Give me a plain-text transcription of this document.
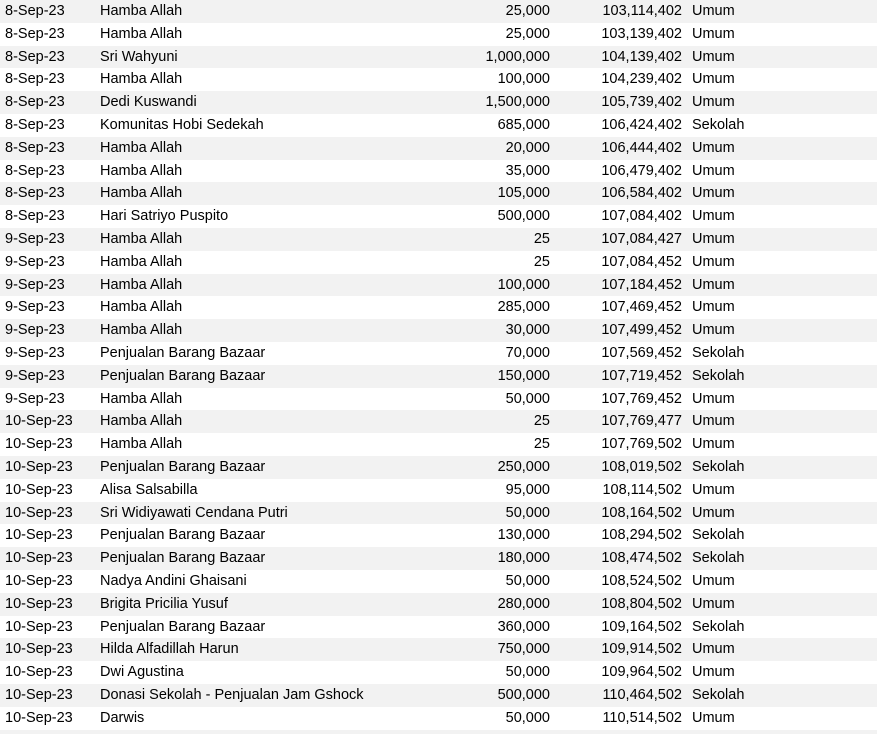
8-Sep-23	Hamba Allah	25,000	103,114,402 Umum
8-Sep-23	Hamba Allah	25,000	103,139,402 Umum
8-Sep-23	Sri Wahyuni	1,000,000	104,139,402 Umum
8-Sep-23	Hamba Allah	100,000	104,239,402 Umum
8-Sep-23	Dedi Kuswandi	1,500,000	105,739,402 Umum
8-Sep-23	Komunitas Hobi Sedekah	685,000	106,424,402 Sekolah
8-Sep-23	Hamba Allah	20,000	106,444,402 Umum
8-Sep-23	Hamba Allah	35,000	106,479,402 Umum
8-Sep-23	Hamba Allah	105,000	106,584,402 Umum
8-Sep-23	Hari Satriyo Puspito	500,000	107,084,402 Umum
9-Sep-23	Hamba Allah	25	107,084,427 Umum
9-Sep-23	Hamba Allah	25	107,084,452 Umum
9-Sep-23	Hamba Allah	100,000	107,184,452 Umum
9-Sep-23	Hamba Allah	285,000	107,469,452 Umum
9-Sep-23	Hamba Allah	30,000	107,499,452 Umum
9-Sep-23	Penjualan Barang Bazaar	70,000	107,569,452 Sekolah
9-Sep-23	Penjualan Barang Bazaar	150,000	107,719,452 Sekolah
9-Sep-23	Hamba Allah	50,000	107,769,452 Umum
10-Sep-23	Hamba Allah	25	107,769,477 Umum
10-Sep-23	Hamba Allah	25	107,769,502 Umum
10-Sep-23	Penjualan Barang Bazaar	250,000	108,019,502 Sekolah
10-Sep-23	Alisa Salsabilla	95,000	108,114,502 Umum
10-Sep-23	Sri Widiyawati Cendana Putri	50,000	108,164,502 Umum
10-Sep-23	Penjualan Barang Bazaar	130,000	108,294,502 Sekolah
10-Sep-23	Penjualan Barang Bazaar	180,000	108,474,502 Sekolah
10-Sep-23	Nadya Andini Ghaisani	50,000	108,524,502 Umum
10-Sep-23	Brigita Pricilia Yusuf	280,000	108,804,502 Umum
10-Sep-23	Penjualan Barang Bazaar	360,000	109,164,502 Sekolah
10-Sep-23	Hilda Alfadillah Harun	750,000	109,914,502 Umum
10-Sep-23	Dwi Agustina	50,000	109,964,502 Umum
10-Sep-23	Donasi Sekolah - Penjualan Jam Gshock	500,000	110,464,502 Sekolah
10-Sep-23	Darwis	50,000	110,514,502 Umum
